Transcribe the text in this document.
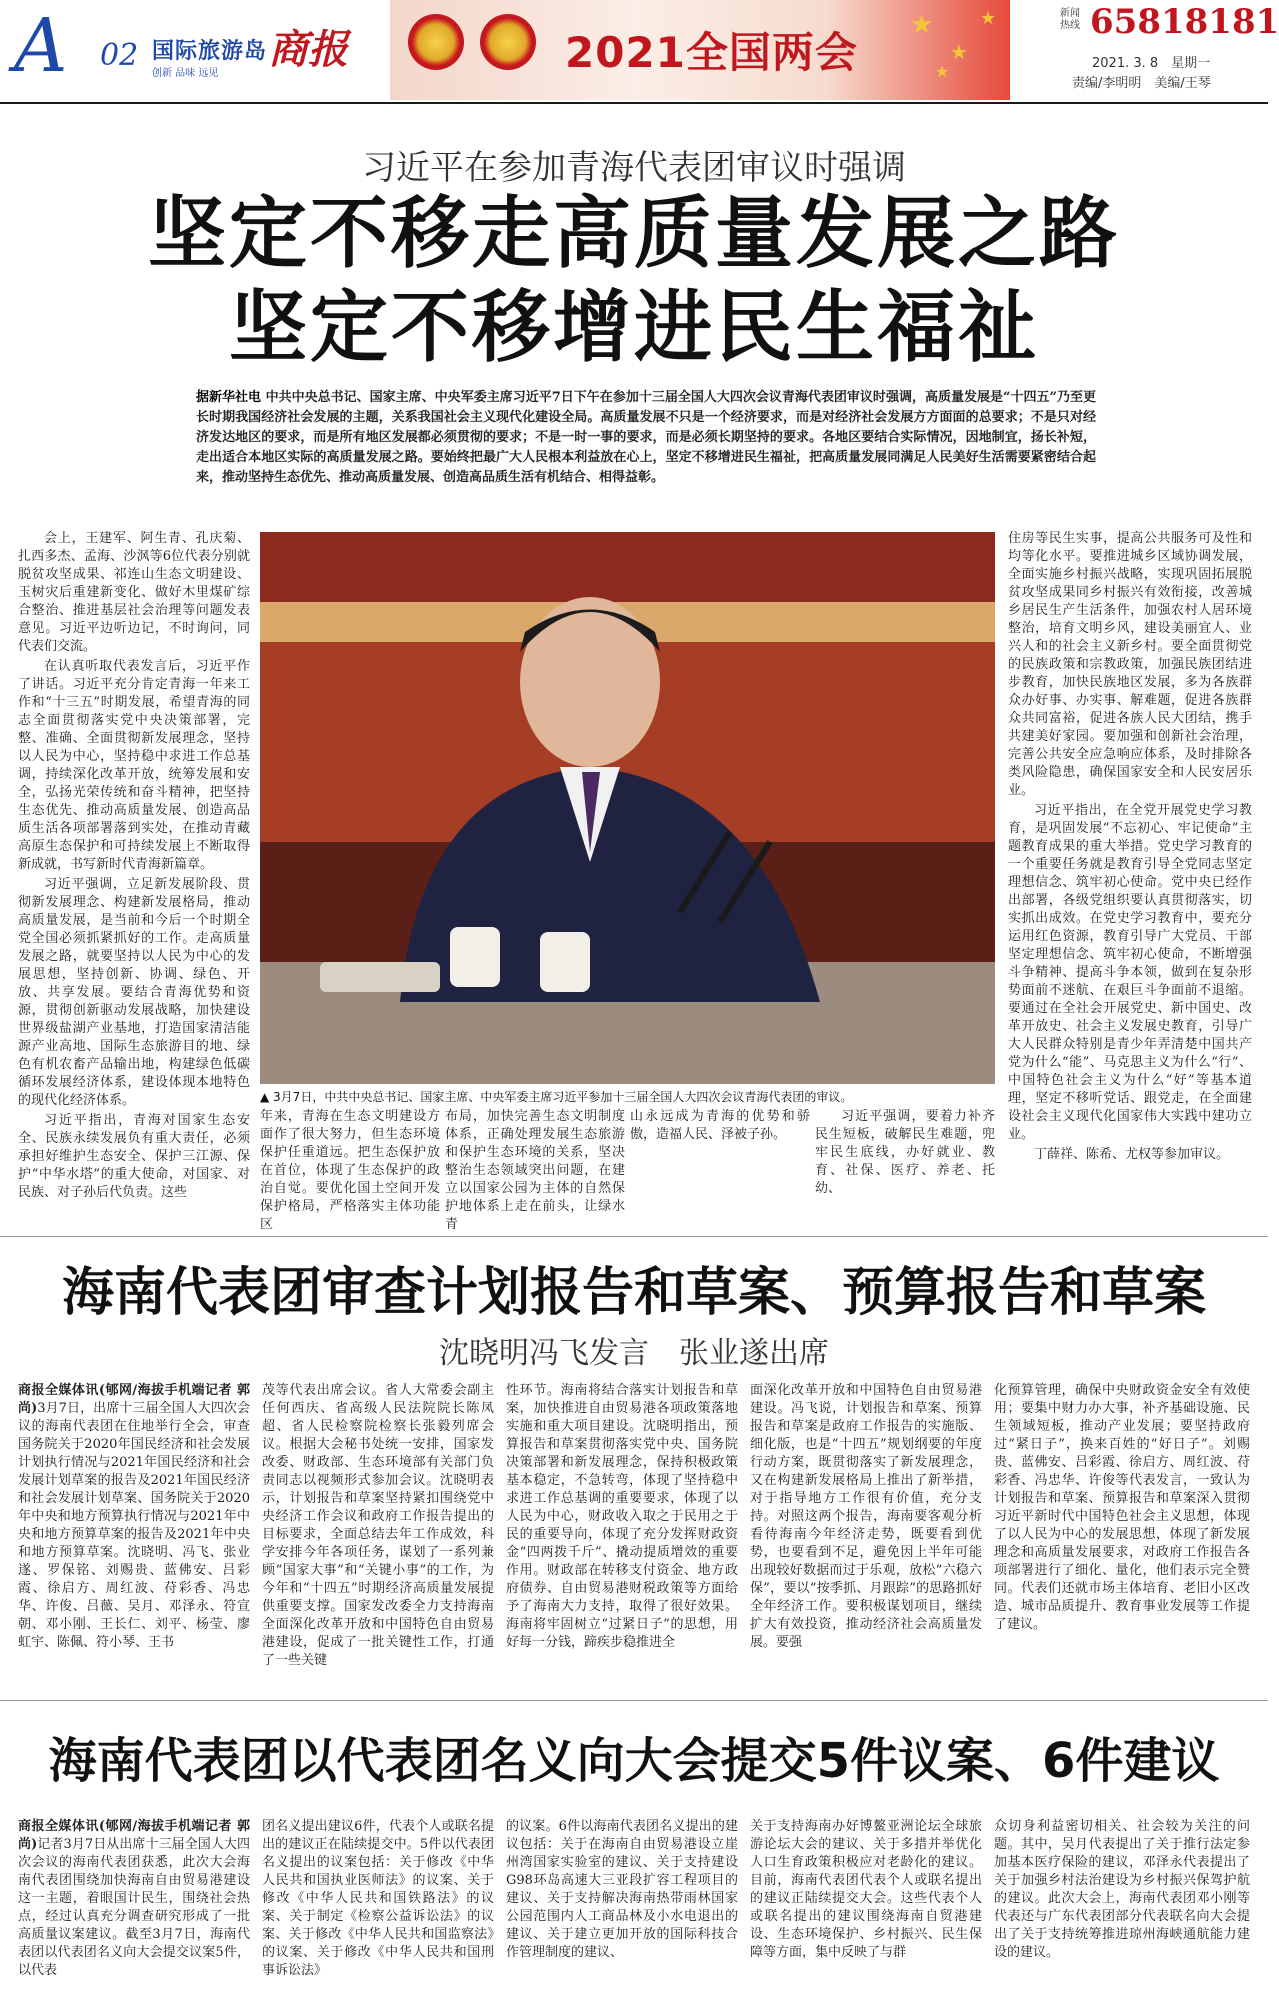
A 02 国际旅游岛
创新 品味 远见
商报	2021全国两会
★
★
★
★
新闻热线 65818181
2021. 3. 8　星期一
责编/李明明　美编/王琴
习近平在参加青海代表团审议时强调
坚定不移走高质量发展之路
坚定不移增进民生福祉
据新华社电 中共中央总书记、国家主席、中央军委主席习近平7日下午在参加十三届全国人大四次会议青海代表团审议时强调，高质量发展是“十四五”乃至更长时期我国经济社会发展的主题，关系我国社会主义现代化建设全局。高质量发展不只是一个经济要求，而是对经济社会发展方方面面的总要求；不是只对经济发达地区的要求，而是所有地区发展都必须贯彻的要求；不是一时一事的要求，而是必须长期坚持的要求。各地区要结合实际情况，因地制宜，扬长补短，走出适合本地区实际的高质量发展之路。要始终把最广大人民根本利益放在心上，坚定不移增进民生福祉，把高质量发展同满足人民美好生活需要紧密结合起来，推动坚持生态优先、推动高质量发展、创造高品质生活有机结合、相得益彰。

会上，王建军、阿生青、孔庆菊、扎西多杰、孟海、沙沨等6位代表分别就脱贫攻坚成果、祁连山生态文明建设、玉树灾后重建新变化、做好木里煤矿综合整治、推进基层社会治理等问题发表意见。习近平边听边记，不时询问，同代表们交流。

在认真听取代表发言后，习近平作了讲话。习近平充分肯定青海一年来工作和“十三五”时期发展，希望青海的同志全面贯彻落实党中央决策部署，完整、准确、全面贯彻新发展理念，坚持以人民为中心，坚持稳中求进工作总基调，持续深化改革开放，统筹发展和安全，弘扬光荣传统和奋斗精神，把坚持生态优先、推动高质量发展、创造高品质生活各项部署落到实处，在推动青藏高原生态保护和可持续发展上不断取得新成就，书写新时代青海新篇章。

习近平强调，立足新发展阶段、贯彻新发展理念、构建新发展格局，推动高质量发展，是当前和今后一个时期全党全国必须抓紧抓好的工作。走高质量发展之路，就要坚持以人民为中心的发展思想，坚持创新、协调、绿色、开放、共享发展。要结合青海优势和资源，贯彻创新驱动发展战略，加快建设世界级盐湖产业基地，打造国家清洁能源产业高地、国际生态旅游目的地、绿色有机农畜产品输出地，构建绿色低碳循环发展经济体系，建设体现本地特色的现代化经济体系。

习近平指出，青海对国家生态安全、民族永续发展负有重大责任，必须承担好维护生态安全、保护三江源、保护“中华水塔”的重大使命，对国家、对民族、对子孙后代负责。这些

▲ 3月7日，中共中央总书记、国家主席、中央军委主席习近平参加十三届全国人大四次会议青海代表团的审议。

年来，青海在生态文明建设方面作了很大努力，但生态环境保护任重道远。把生态保护放在首位，体现了生态保护的政治自觉。要优化国土空间开发保护格局，严格落实主体功能区

布局，加快完善生态文明制度体系，正确处理发展生态旅游和保护生态环境的关系，坚决整治生态领域突出问题，在建立以国家公园为主体的自然保护地体系上走在前头，让绿水青

山永远成为青海的优势和骄傲，造福人民、泽被子孙。

习近平强调，要着力补齐民生短板，破解民生难题，兜牢民生底线，办好就业、教育、社保、医疗、养老、托幼、

住房等民生实事，提高公共服务可及性和均等化水平。要推进城乡区域协调发展，全面实施乡村振兴战略，实现巩固拓展脱贫攻坚成果同乡村振兴有效衔接，改善城乡居民生产生活条件，加强农村人居环境整治，培育文明乡风，建设美丽宜人、业兴人和的社会主义新乡村。要全面贯彻党的民族政策和宗教政策，加强民族团结进步教育，加快民族地区发展，多为各族群众办好事、办实事、解难题，促进各族群众共同富裕，促进各族人民大团结，携手共建美好家园。要加强和创新社会治理，完善公共安全应急响应体系，及时排除各类风险隐患，确保国家安全和人民安居乐业。

习近平指出，在全党开展党史学习教育，是巩固发展“不忘初心、牢记使命”主题教育成果的重大举措。党史学习教育的一个重要任务就是教育引导全党同志坚定理想信念、筑牢初心使命。党中央已经作出部署，各级党组织要认真贯彻落实，切实抓出成效。在党史学习教育中，要充分运用红色资源，教育引导广大党员、干部坚定理想信念、筑牢初心使命，不断增强斗争精神、提高斗争本领，做到在复杂形势面前不迷航、在艰巨斗争面前不退缩。要通过在全社会开展党史、新中国史、改革开放史、社会主义发展史教育，引导广大人民群众特别是青少年弄清楚中国共产党为什么“能”、马克思主义为什么“行”、中国特色社会主义为什么“好”等基本道理，坚定不移听党话、跟党走，在全面建设社会主义现代化国家伟大实践中建功立业。

丁薛祥、陈希、尤权等参加审议。

海南代表团审查计划报告和草案、预算报告和草案
沈晓明冯飞发言　张业遂出席

商报全媒体讯(郇网/海拔手机端记者 郭尚)3月7日，出席十三届全国人大四次会议的海南代表团在住地举行全会，审查国务院关于2020年国民经济和社会发展计划执行情况与2021年国民经济和社会发展计划草案的报告及2021年国民经济和社会发展计划草案、国务院关于2020年中央和地方预算执行情况与2021年中央和地方预算草案的报告及2021年中央和地方预算草案。沈晓明、冯飞、张业遂、罗保铭、刘赐贵、蓝佛安、吕彩霞、徐启方、周红波、苻彩香、冯忠华、许俊、吕薇、吴月、邓泽永、符宣朝、邓小刚、王长仁、刘平、杨莹、廖虹宇、陈佩、符小琴、王书

茂等代表出席会议。省人大常委会副主任何西庆、省高级人民法院院长陈凤超、省人民检察院检察长张毅列席会议。根据大会秘书处统一安排，国家发改委、财政部、生态环境部有关部门负责同志以视频形式参加会议。沈晓明表示，计划报告和草案坚持紧扣围绕党中央经济工作会议和政府工作报告提出的目标要求，全面总结去年工作成效，科学安排今年各项任务，谋划了一系列兼顾“国家大事”和“关键小事”的工作，为今年和“十四五”时期经济高质量发展提供重要支撑。国家发改委全力支持海南全面深化改革开放和中国特色自由贸易港建设，促成了一批关键性工作，打通了一些关键

性环节。海南将结合落实计划报告和草案，加快推进自由贸易港各项政策落地实施和重大项目建设。沈晓明指出，预算报告和草案贯彻落实党中央、国务院决策部署和新发展理念，保持积极政策基本稳定，不急转弯，体现了坚持稳中求进工作总基调的重要要求，体现了以人民为中心，财政收入取之于民用之于民的重要导向，体现了充分发挥财政资金“四两拨千斤”、撬动提质增效的重要作用。财政部在转移支付资金、地方政府债券、自由贸易港财税政策等方面给予了海南大力支持，取得了很好效果。海南将牢固树立“过紧日子”的思想，用好每一分钱，蹄疾步稳推进全

面深化改革开放和中国特色自由贸易港建设。冯飞说，计划报告和草案、预算报告和草案是政府工作报告的实施版、细化版，也是“十四五”规划纲要的年度行动方案，既贯彻落实了新发展理念，又在构建新发展格局上推出了新举措，对于指导地方工作很有价值，充分支持。对照这两个报告，海南要客观分析看待海南今年经济走势，既要看到优势，也要看到不足，避免因上半年可能出现较好数据而过于乐观，放松“六稳六保”，要以“按季抓、月跟踪”的思路抓好全年经济工作。要积极谋划项目，继续扩大有效投资，推动经济社会高质量发展。要强

化预算管理，确保中央财政资金安全有效使用；要集中财力办大事，补齐基础设施、民生领域短板，推动产业发展；要坚持政府过“紧日子”，换来百姓的“好日子”。刘赐贵、蓝佛安、吕彩霞、徐启方、周红波、苻彩香、冯忠华、许俊等代表发言，一致认为计划报告和草案、预算报告和草案深入贯彻习近平新时代中国特色社会主义思想，体现了以人民为中心的发展思想，体现了新发展理念和高质量发展要求，对政府工作报告各项部署进行了细化、量化，他们表示完全赞同。代表们还就市场主体培育、老旧小区改造、城市品质提升、教育事业发展等工作提了建议。

海南代表团以代表团名义向大会提交5件议案、6件建议

商报全媒体讯(郇网/海拔手机端记者 郭尚)记者3月7日从出席十三届全国人大四次会议的海南代表团获悉，此次大会海南代表团围绕加快海南自由贸易港建设这一主题，着眼国计民生，围绕社会热点，经过认真充分调查研究形成了一批高质量议案建议。截至3月7日，海南代表团以代表团名义向大会提交议案5件，以代表

团名义提出建议6件，代表个人或联名提出的建议正在陆续提交中。5件以代表团名义提出的议案包括：关于修改《中华人民共和国执业医师法》的议案、关于修改《中华人民共和国铁路法》的议案、关于制定《检察公益诉讼法》的议案、关于修改《中华人民共和国监察法》的议案、关于修改《中华人民共和国刑事诉讼法》

的议案。6件以海南代表团名义提出的建议包括：关于在海南自由贸易港设立崖州湾国家实验室的建议、关于支持建设G98环岛高速大三亚段扩容工程项目的建议、关于支持解决海南热带雨林国家公园范围内人工商品林及小水电退出的建议、关于建立更加开放的国际科技合作管理制度的建议、

关于支持海南办好博鳌亚洲论坛全球旅游论坛大会的建议、关于多措并举优化人口生育政策积极应对老龄化的建议。目前，海南代表团代表个人或联名提出的建议正陆续提交大会。这些代表个人或联名提出的建议围绕海南自贸港建设、生态环境保护、乡村振兴、民生保障等方面，集中反映了与群

众切身利益密切相关、社会较为关注的问题。其中，吴月代表提出了关于推行法定参加基本医疗保险的建议，邓泽永代表提出了关于加强乡村法治建设为乡村振兴保驾护航的建议。此次大会上，海南代表团邓小刚等代表还与广东代表团部分代表联名向大会提出了关于支持统筹推进琼州海峡通航能力建设的建议。
